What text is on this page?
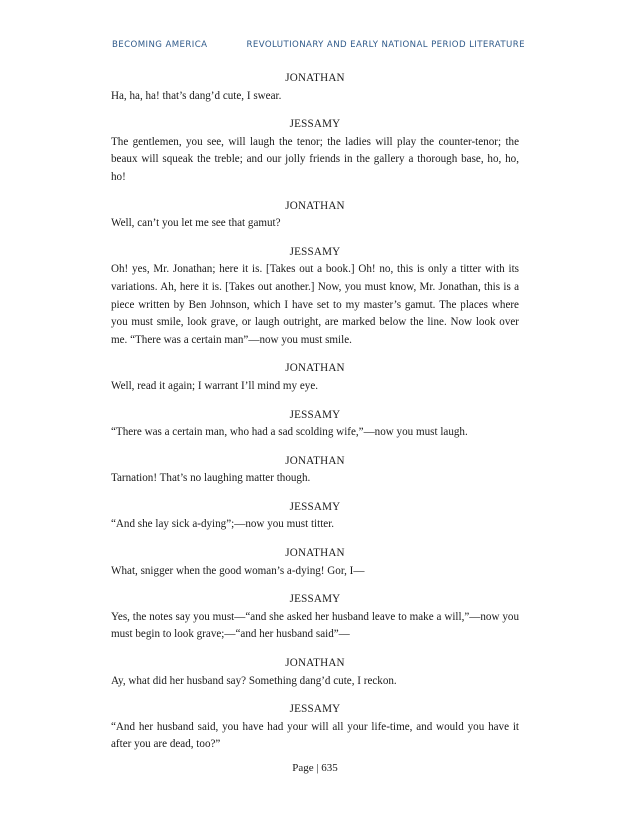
BECOMING AMERICA	REVOLUTIONARY AND EARLY NATIONAL PERIOD LITERATURE
JONATHAN
Ha, ha, ha! that’s dang’d cute, I swear.
JESSAMY
The gentlemen, you see, will laugh the tenor; the ladies will play the counter-tenor; the beaux will squeak the treble; and our jolly friends in the gallery a thorough base, ho, ho, ho!
JONATHAN
Well, can’t you let me see that gamut?
JESSAMY
Oh! yes, Mr. Jonathan; here it is. [Takes out a book.] Oh! no, this is only a titter with its variations. Ah, here it is. [Takes out another.] Now, you must know, Mr. Jonathan, this is a piece written by Ben Johnson, which I have set to my master’s gamut. The places where you must smile, look grave, or laugh outright, are marked below the line. Now look over me. “There was a certain man”—now you must smile.
JONATHAN
Well, read it again; I warrant I’ll mind my eye.
JESSAMY
“There was a certain man, who had a sad scolding wife,”—now you must laugh.
JONATHAN
Tarnation! That’s no laughing matter though.
JESSAMY
“And she lay sick a-dying”;—now you must titter.
JONATHAN
What, snigger when the good woman’s a-dying! Gor, I—
JESSAMY
Yes, the notes say you must—“and she asked her husband leave to make a will,”—now you must begin to look grave;—“and her husband said”—
JONATHAN
Ay, what did her husband say? Something dang’d cute, I reckon.
JESSAMY
“And her husband said, you have had your will all your life-time, and would you have it after you are dead, too?”
Page | 635
